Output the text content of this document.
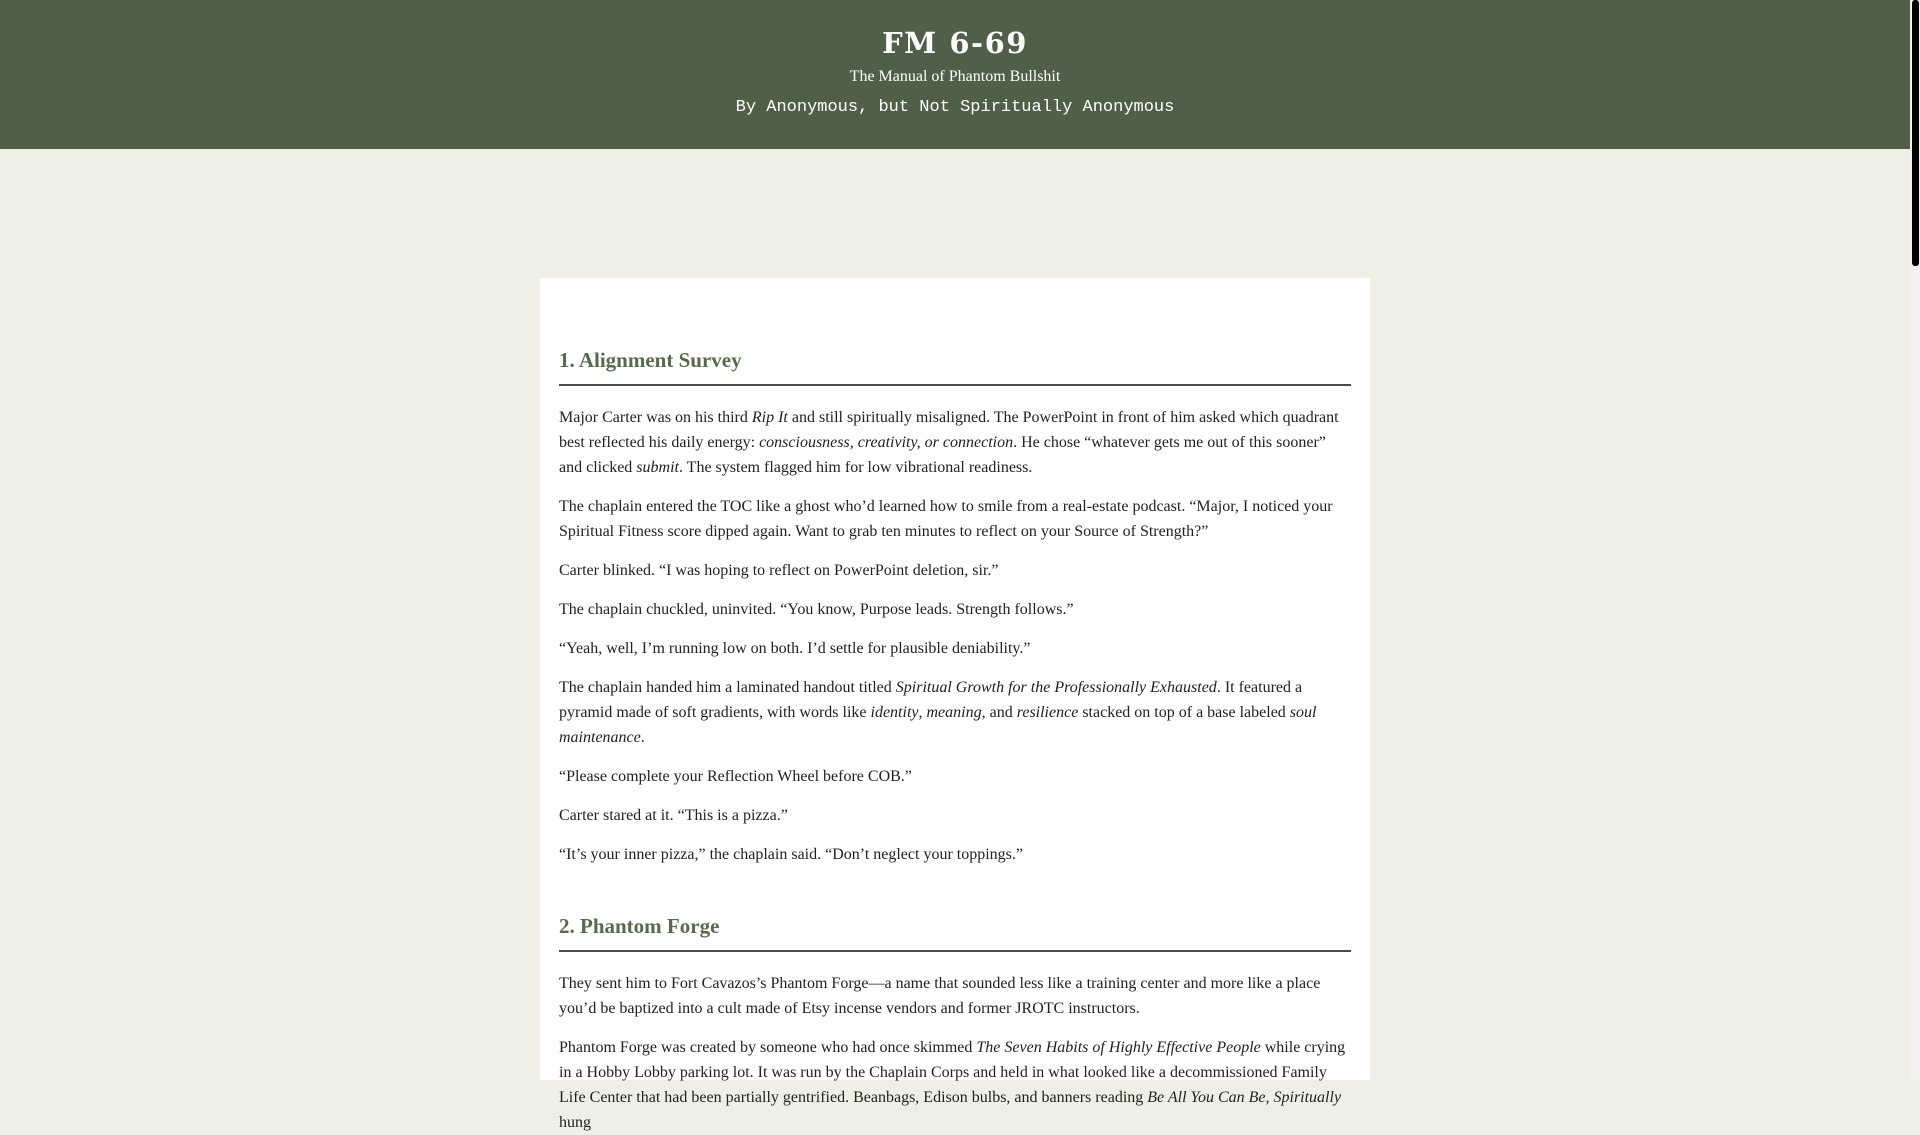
FM 6-69
The Manual of Phantom Bullshit
By Anonymous, but Not Spiritually Anonymous
1. Alignment Survey

Major Carter was on his third Rip It and still spiritually misaligned. The PowerPoint in front of him asked which quadrant best reflected his daily energy: consciousness, creativity, or connection. He chose “whatever gets me out of this sooner” and clicked submit. The system flagged him for low vibrational readiness.

The chaplain entered the TOC like a ghost who’d learned how to smile from a real-estate podcast. “Major, I noticed your Spiritual Fitness score dipped again. Want to grab ten minutes to reflect on your Source of Strength?”

Carter blinked. “I was hoping to reflect on PowerPoint deletion, sir.”

The chaplain chuckled, uninvited. “You know, Purpose leads. Strength follows.”

“Yeah, well, I’m running low on both. I’d settle for plausible deniability.”

The chaplain handed him a laminated handout titled Spiritual Growth for the Professionally Exhausted. It featured a pyramid made of soft gradients, with words like identity, meaning, and resilience stacked on top of a base labeled soul maintenance.

“Please complete your Reflection Wheel before COB.”

Carter stared at it. “This is a pizza.”

“It’s your inner pizza,” the chaplain said. “Don’t neglect your toppings.”

2. Phantom Forge

They sent him to Fort Cavazos’s Phantom Forge—a name that sounded less like a training center and more like a place you’d be baptized into a cult made of Etsy incense vendors and former JROTC instructors.

Phantom Forge was created by someone who had once skimmed The Seven Habits of Highly Effective People while crying in a Hobby Lobby parking lot. It was run by the Chaplain Corps and held in what looked like a decommissioned Family Life Center that had been partially gentrified. Beanbags, Edison bulbs, and banners reading Be All You Can Be, Spiritually hung
